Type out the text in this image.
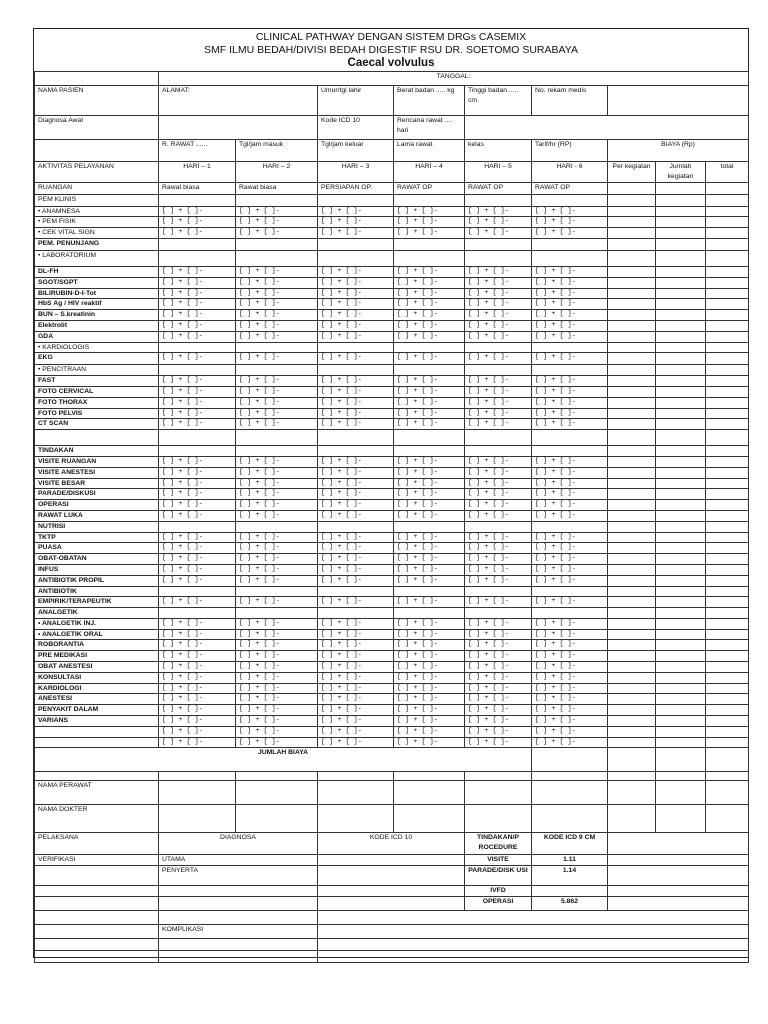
CLINICAL PATHWAY DENGAN SISTEM DRGs CASEMIX
SMF ILMU BEDAH/DIVISI BEDAH DIGESTIF RSU DR. SOETOMO SURABAYA
Caecal volvulus
	TANGGAL:								
NAMA PASIEN	ALAMAT:		Umur/tgl lahir	Berat badan ..... kg	Tinggi badan ..... cm	No. rekam medis			
Diagnosa Awal			Kode ICD 10	Rencana rawat .... hari					
	R. RAWAT ......	Tgl/jam masuk	Tgl/jam keluar	Lama rawat	kelas	Tarif/hr (RP)	BIAYA (Rp)		
AKTIVITAS PELAYANAN	HARI – 1	HARI – 2	HARI – 3	HARI – 4	HARI – 5	HARI - 6	Per kegiatan	Jumlah kegiatan	total
RUANGAN	Rawat biasa	Rawat biasa	PERSIAPAN OP.	RAWAT OP	RAWAT OP	RAWAT OP			
PEM KLINIS									
• ANAMNESA	[ ] + [ ]-	[ ] + [ ]-	[ ] + [ ]-	[ ] + [ ]-	[ ] + [ ]-	[ ] + [ ]-			
• PEM FISIK	[ ] + [ ]-	[ ] + [ ]-	[ ] + [ ]-	[ ] + [ ]-	[ ] + [ ]-	[ ] + [ ]-			
• CEK VITAL SIGN	[ ] + [ ]-	[ ] + [ ]-	[ ] + [ ]-	[ ] + [ ]-	[ ] + [ ]-	[ ] + [ ]-			
PEM. PENUNJANG									
• LABORATORIUM									
DL-FH	[ ] + [ ]-	[ ] + [ ]-	[ ] + [ ]-	[ ] + [ ]-	[ ] + [ ]-	[ ] + [ ]-			
SGOT/SGPT	[ ] + [ ]-	[ ] + [ ]-	[ ] + [ ]-	[ ] + [ ]-	[ ] + [ ]-	[ ] + [ ]-			
BILIRUBIN-D-I-Tot	[ ] + [ ]-	[ ] + [ ]-	[ ] + [ ]-	[ ] + [ ]-	[ ] + [ ]-	[ ] + [ ]-			
HbS Ag / HIV reaktif	[ ] + [ ]-	[ ] + [ ]-	[ ] + [ ]-	[ ] + [ ]-	[ ] + [ ]-	[ ] + [ ]-			
BUN – S.kreatinin	[ ] + [ ]-	[ ] + [ ]-	[ ] + [ ]-	[ ] + [ ]-	[ ] + [ ]-	[ ] + [ ]-			
Elektrolit	[ ] + [ ]-	[ ] + [ ]-	[ ] + [ ]-	[ ] + [ ]-	[ ] + [ ]-	[ ] + [ ]-			
GDA	[ ] + [ ]-	[ ] + [ ]-	[ ] + [ ]-	[ ] + [ ]-	[ ] + [ ]-	[ ] + [ ]-			
• KARDIOLOGIS									
EKG	[ ] + [ ]-	[ ] + [ ]-	[ ] + [ ]-	[ ] + [ ]-	[ ] + [ ]-	[ ] + [ ]-			
• PENCITRAAN									
FAST	[ ] + [ ]-	[ ] + [ ]-	[ ] + [ ]-	[ ] + [ ]-	[ ] + [ ]-	[ ] + [ ]-			
FOTO CERVICAL	[ ] + [ ]-	[ ] + [ ]-	[ ] + [ ]-	[ ] + [ ]-	[ ] + [ ]-	[ ] + [ ]-			
FOTO THORAX	[ ] + [ ]-	[ ] + [ ]-	[ ] + [ ]-	[ ] + [ ]-	[ ] + [ ]-	[ ] + [ ]-			
FOTO PELVIS	[ ] + [ ]-	[ ] + [ ]-	[ ] + [ ]-	[ ] + [ ]-	[ ] + [ ]-	[ ] + [ ]-			
CT SCAN	[ ] + [ ]-	[ ] + [ ]-	[ ] + [ ]-	[ ] + [ ]-	[ ] + [ ]-	[ ] + [ ]-			

TINDAKAN									
VISITE RUANGAN	[ ] + [ ]-	[ ] + [ ]-	[ ] + [ ]-	[ ] + [ ]-	[ ] + [ ]-	[ ] + [ ]-			
VISITE ANESTESI	[ ] + [ ]-	[ ] + [ ]-	[ ] + [ ]-	[ ] + [ ]-	[ ] + [ ]-	[ ] + [ ]-			
VISITE BESAR	[ ] + [ ]-	[ ] + [ ]-	[ ] + [ ]-	[ ] + [ ]-	[ ] + [ ]-	[ ] + [ ]-			
PARADE/DISKUSI	[ ] + [ ]-	[ ] + [ ]-	[ ] + [ ]-	[ ] + [ ]-	[ ] + [ ]-	[ ] + [ ]-			
OPERASI	[ ] + [ ]-	[ ] + [ ]-	[ ] + [ ]-	[ ] + [ ]-	[ ] + [ ]-	[ ] + [ ]-			
RAWAT LUKA	[ ] + [ ]-	[ ] + [ ]-	[ ] + [ ]-	[ ] + [ ]-	[ ] + [ ]-	[ ] + [ ]-			
NUTRISI									
TKTP	[ ] + [ ]-	[ ] + [ ]-	[ ] + [ ]-	[ ] + [ ]-	[ ] + [ ]-	[ ] + [ ]-			
PUASA	[ ] + [ ]-	[ ] + [ ]-	[ ] + [ ]-	[ ] + [ ]-	[ ] + [ ]-	[ ] + [ ]-			
OBAT-OBATAN	[ ] + [ ]-	[ ] + [ ]-	[ ] + [ ]-	[ ] + [ ]-	[ ] + [ ]-	[ ] + [ ]-			
INFUS	[ ] + [ ]-	[ ] + [ ]-	[ ] + [ ]-	[ ] + [ ]-	[ ] + [ ]-	[ ] + [ ]-			
ANTIBIOTIK PROPIL	[ ] + [ ]-	[ ] + [ ]-	[ ] + [ ]-	[ ] + [ ]-	[ ] + [ ]-	[ ] + [ ]-			
ANTIBIOTIK									
EMPIRIK/TERAPEUTIK	[ ] + [ ]-	[ ] + [ ]-	[ ] + [ ]-	[ ] + [ ]-	[ ] + [ ]-	[ ] + [ ]-			
ANALGETIK									
• ANALGETIK INJ.	[ ] + [ ]-	[ ] + [ ]-	[ ] + [ ]-	[ ] + [ ]-	[ ] + [ ]-	[ ] + [ ]-			
• ANALGETIK ORAL	[ ] + [ ]-	[ ] + [ ]-	[ ] + [ ]-	[ ] + [ ]-	[ ] + [ ]-	[ ] + [ ]-			
ROBORANTIA	[ ] + [ ]-	[ ] + [ ]-	[ ] + [ ]-	[ ] + [ ]-	[ ] + [ ]-	[ ] + [ ]-			
PRE MEDIKASI	[ ] + [ ]-	[ ] + [ ]-	[ ] + [ ]-	[ ] + [ ]-	[ ] + [ ]-	[ ] + [ ]-			
OBAT ANESTESI	[ ] + [ ]-	[ ] + [ ]-	[ ] + [ ]-	[ ] + [ ]-	[ ] + [ ]-	[ ] + [ ]-			
KONSULTASI	[ ] + [ ]-	[ ] + [ ]-	[ ] + [ ]-	[ ] + [ ]-	[ ] + [ ]-	[ ] + [ ]-			
KARDIOLOGI	[ ] + [ ]-	[ ] + [ ]-	[ ] + [ ]-	[ ] + [ ]-	[ ] + [ ]-	[ ] + [ ]-			
ANESTESI	[ ] + [ ]-	[ ] + [ ]-	[ ] + [ ]-	[ ] + [ ]-	[ ] + [ ]-	[ ] + [ ]-			
PENYAKIT DALAM	[ ] + [ ]-	[ ] + [ ]-	[ ] + [ ]-	[ ] + [ ]-	[ ] + [ ]-	[ ] + [ ]-			
VARIANS	[ ] + [ ]-	[ ] + [ ]-	[ ] + [ ]-	[ ] + [ ]-	[ ] + [ ]-	[ ] + [ ]-			
	[ ] + [ ]-	[ ] + [ ]-	[ ] + [ ]-	[ ] + [ ]-	[ ] + [ ]-	[ ] + [ ]-			
	[ ] + [ ]-	[ ] + [ ]-	[ ] + [ ]-	[ ] + [ ]-	[ ] + [ ]-	[ ] + [ ]-			
JUMLAH BIAYA									

NAMA PERAWAT									
NAMA DOKTER									
PELAKSANA	DIAGNOSA		KODE ICD 10		TINDAKAN/P ROCEDURE	KODE ICD 9 CM			
VERIFIKASI	UTAMA				VISITE	1.11			
	PENYERTA				PARADE/DISK USI	1.14			
					IVFD				
					OPERASI	5.862			

	KOMPLIKASI								
